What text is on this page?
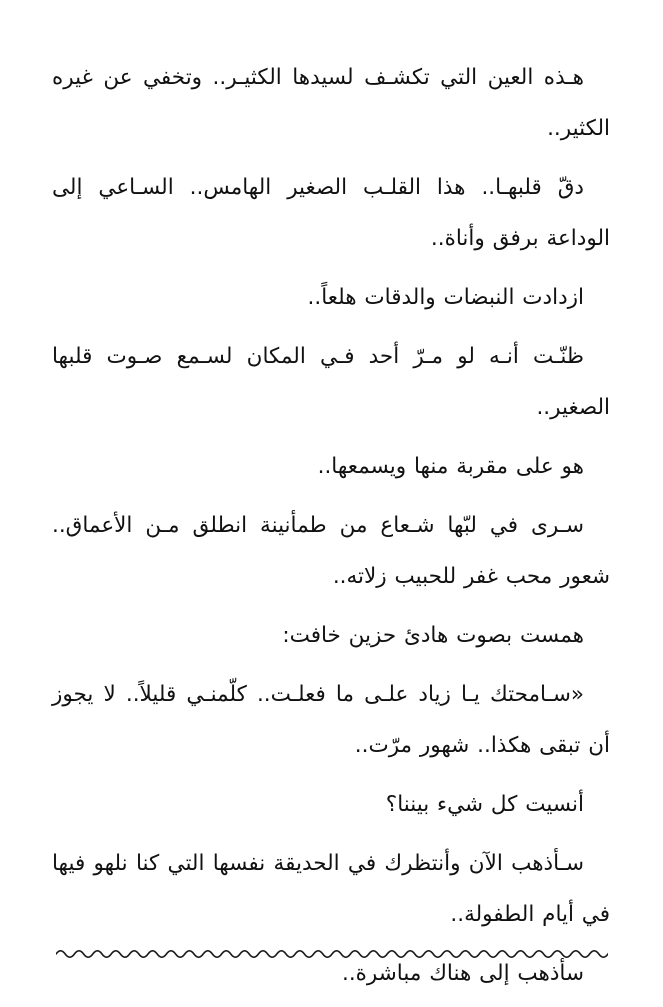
هـذه العين التي تكشـف لسيدها الكثيـر.. وتخفي عن غيره الكثير..

دقّ قلبهـا.. هذا القلـب الصغير الهامس.. السـاعي إلى الوداعة برفق وأناة..

ازدادت النبضات والدقات هلعاً..

ظنّـت أنـه لو مـرّ أحد فـي المكان لسـمع صـوت قلبها الصغير..

هو على مقربة منها ويسمعها..

سـرى في لبّها شـعاع من طمأنينة انطلق مـن الأعماق.. شعور محب غفر للحبيب زلاته..

همست بصوت هادئ حزين خافت:

«سـامحتك يـا زياد علـى ما فعلـت.. كلّمنـي قليلاً.. لا يجوز أن تبقى هكذا.. شهور مرّت..

أنسيت كل شيء بيننا؟

سـأذهب الآن وأنتظرك في الحديقة نفسها التي كنا نلهو فيها في أيام الطفولة..

سأذهب إلى هناك مباشرة..
